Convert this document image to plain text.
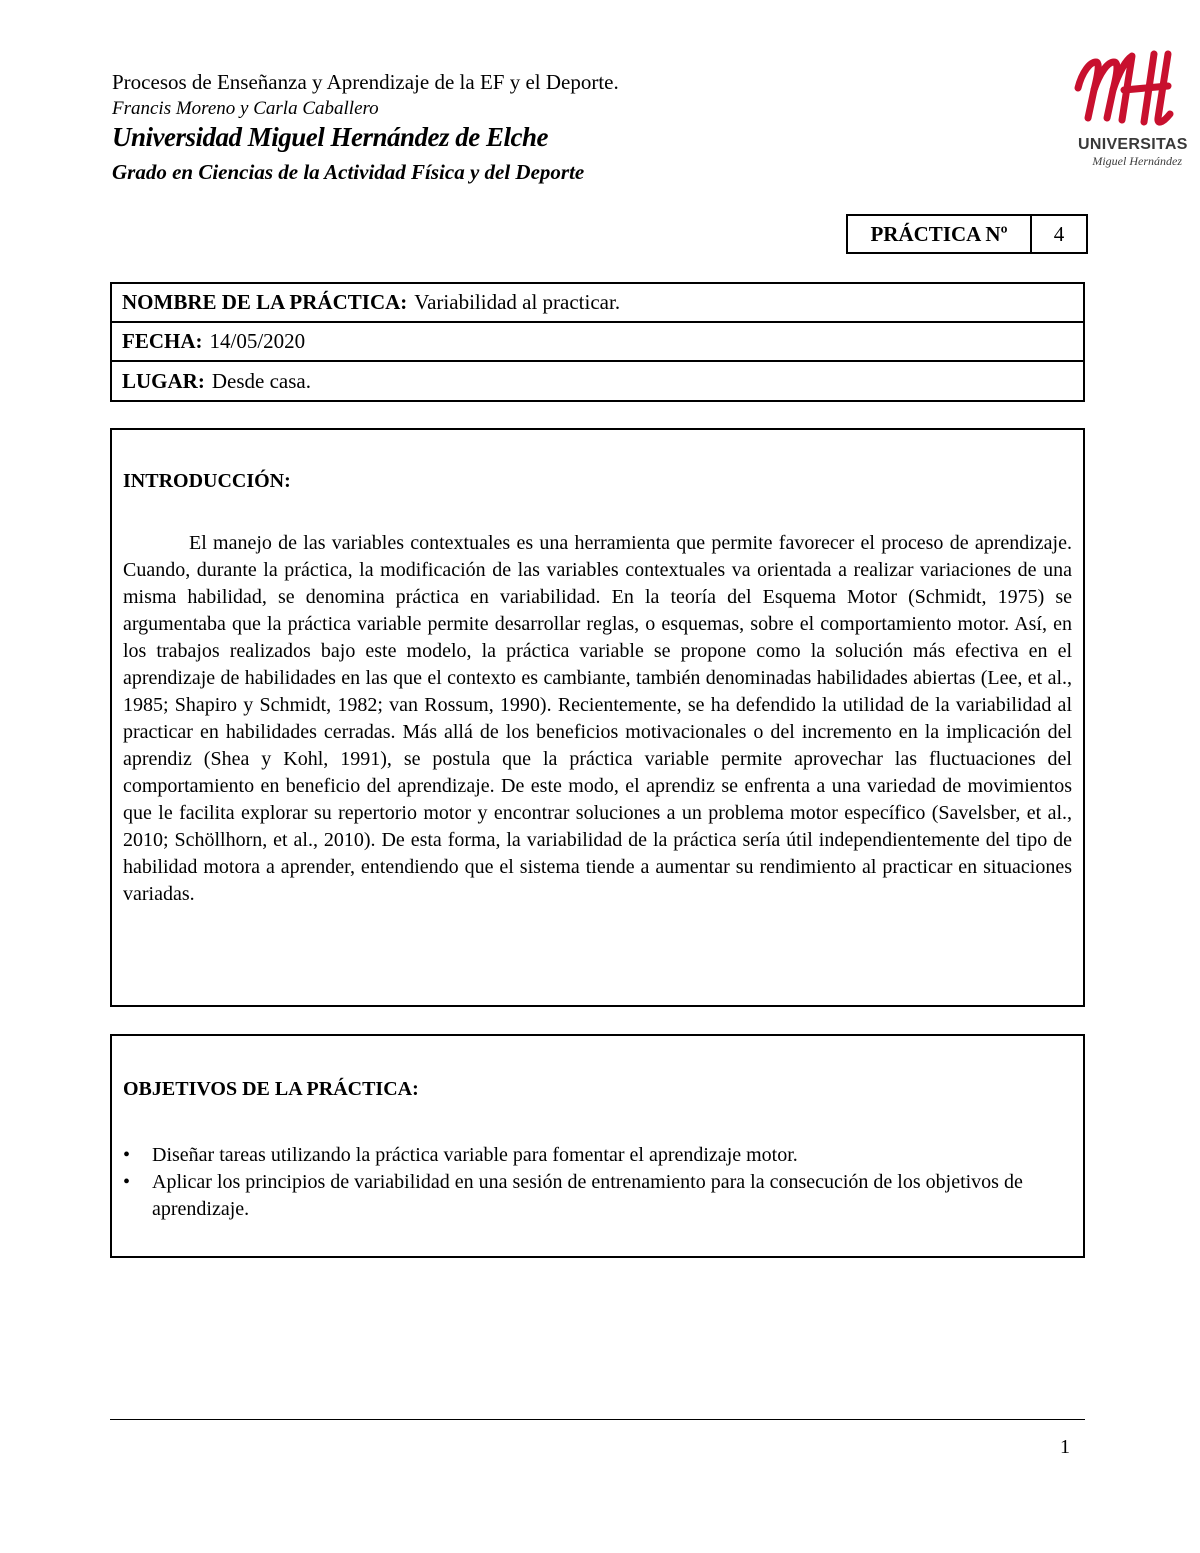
Procesos de Enseñanza y Aprendizaje de la EF y el Deporte.
Francis Moreno y Carla Caballero
Universidad Miguel Hernández de Elche
Grado en Ciencias de la Actividad Física y del Deporte
UNIVERSITAS
Miguel Hernández
PRÁCTICA Nº	4
NOMBRE DE LA PRÁCTICA: Variabilidad al practicar.
FECHA: 14/05/2020
LUGAR: Desde casa.

INTRODUCCIÓN:

El manejo de las variables contextuales es una herramienta que permite favorecer el proceso de aprendizaje. Cuando, durante la práctica, la modificación de las variables contextuales va orientada a realizar variaciones de una misma habilidad, se denomina práctica en variabilidad. En la teoría del Esquema Motor (Schmidt, 1975) se argumentaba que la práctica variable permite desarrollar reglas, o esquemas, sobre el comportamiento motor. Así, en los trabajos realizados bajo este modelo, la práctica variable se propone como la solución más efectiva en el aprendizaje de habilidades en las que el contexto es cambiante, también denominadas habilidades abiertas (Lee, et al., 1985; Shapiro y Schmidt, 1982; van Rossum, 1990). Recientemente, se ha defendido la utilidad de la variabilidad al practicar en habilidades cerradas. Más allá de los beneficios motivacionales o del incremento en la implicación del aprendiz (Shea y Kohl, 1991), se postula que la práctica variable permite aprovechar las fluctuaciones del comportamiento en beneficio del aprendizaje. De este modo, el aprendiz se enfrenta a una variedad de movimientos que le facilita explorar su repertorio motor y encontrar soluciones a un problema motor específico (Savelsber, et al., 2010; Schöllhorn, et al., 2010). De esta forma, la variabilidad de la práctica sería útil independientemente del tipo de habilidad motora a aprender, entendiendo que el sistema tiende a aumentar su rendimiento al practicar en situaciones variadas.

OBJETIVOS DE LA PRÁCTICA:

• Diseñar tareas utilizando la práctica variable para fomentar el aprendizaje motor.
• Aplicar los principios de variabilidad en una sesión de entrenamiento para la consecución de los objetivos de aprendizaje.
1
